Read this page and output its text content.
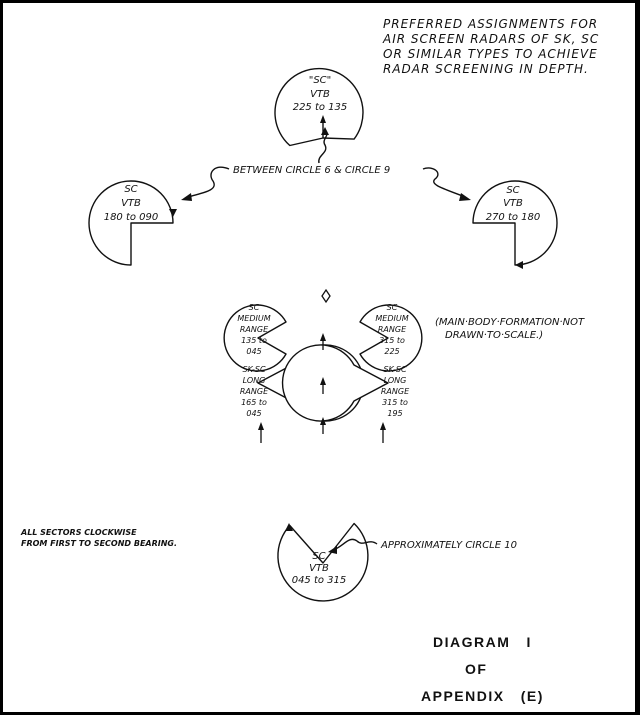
PREFERRED ASSIGNMENTS FOR
AIR SCREEN RADARS OF SK, SC
OR SIMILAR TYPES TO ACHIEVE
RADAR SCREENING IN DEPTH.
"SC"
VTB
225 to 135
SC
VTB
180 to 090
SC
VTB
270 to 180
BETWEEN CIRCLE 6 & CIRCLE 9
SC
MEDIUM
RANGE
135 to
045
SK-SC
LONG
RANGE
165 to
045
SC
MEDIUM
RANGE
315 to
225
SK-SC
LONG
RANGE
315 to
195
(MAIN·BODY·FORMATION·NOT
DRAWN·TO·SCALE.)
SC
VTB
045 to 315
APPROXIMATELY CIRCLE 10
ALL SECTORS CLOCKWISE
FROM FIRST TO SECOND BEARING.
DIAGRAM   I
OF
APPENDIX   (E)
